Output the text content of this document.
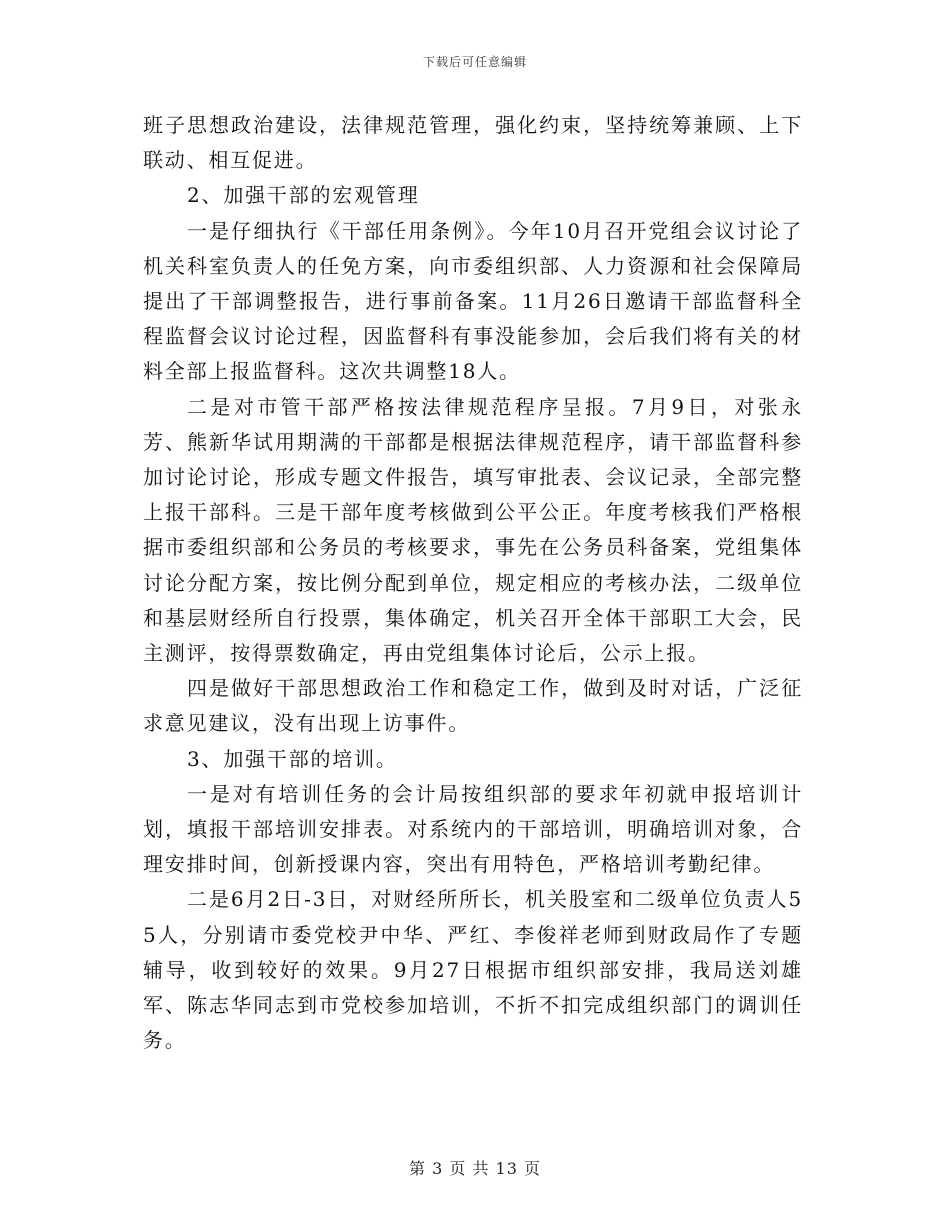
下载后可任意编辑

班子思想政治建设，法律规范管理，强化约束，坚持统筹兼顾、上下联动、相互促进。

2、加强干部的宏观管理

一是仔细执行《干部任用条例》。今年10月召开党组会议讨论了机关科室负责人的任免方案，向市委组织部、人力资源和社会保障局提出了干部调整报告，进行事前备案。11月26日邀请干部监督科全程监督会议讨论过程，因监督科有事没能参加，会后我们将有关的材料全部上报监督科。这次共调整18人。

二是对市管干部严格按法律规范程序呈报。7月9日，对张永芳、熊新华试用期满的干部都是根据法律规范程序，请干部监督科参加讨论讨论，形成专题文件报告，填写审批表、会议记录，全部完整上报干部科。三是干部年度考核做到公平公正。年度考核我们严格根据市委组织部和公务员的考核要求，事先在公务员科备案，党组集体讨论分配方案，按比例分配到单位，规定相应的考核办法，二级单位和基层财经所自行投票，集体确定，机关召开全体干部职工大会，民主测评，按得票数确定，再由党组集体讨论后，公示上报。

四是做好干部思想政治工作和稳定工作，做到及时对话，广泛征求意见建议，没有出现上访事件。

3、加强干部的培训。

一是对有培训任务的会计局按组织部的要求年初就申报培训计划，填报干部培训安排表。对系统内的干部培训，明确培训对象，合理安排时间，创新授课内容，突出有用特色，严格培训考勤纪律。

二是6月2日-3日，对财经所所长，机关股室和二级单位负责人55人，分别请市委党校尹中华、严红、李俊祥老师到财政局作了专题辅导，收到较好的效果。9月27日根据市组织部安排，我局送刘雄军、陈志华同志到市党校参加培训，不折不扣完成组织部门的调训任务。

第 3 页 共 13 页
